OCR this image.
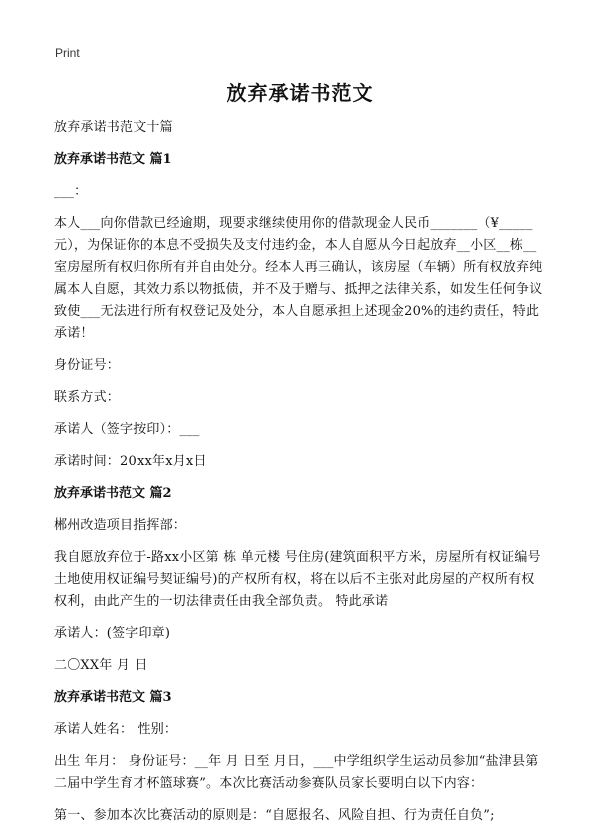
Print
放弃承诺书范文

放弃承诺书范文十篇

放弃承诺书范文 篇1

___：

本人___向你借款已经逾期，现要求继续使用你的借款现金人民币_______（¥_____元），为保证你的本息不受损失及支付违约金，本人自愿从今日起放弃__小区__栋__室房屋所有权归你所有并自由处分。经本人再三确认，该房屋（车辆）所有权放弃纯属本人自愿，其效力系以物抵债，并不及于赠与、抵押之法律关系，如发生任何争议致使___无法进行所有权登记及处分，本人自愿承担上述现金20%的违约责任，特此承诺！

身份证号：

联系方式：

承诺人（签字按印）：___

承诺时间：20xx年x月x日

放弃承诺书范文 篇2

郴州改造项目指挥部：

我自愿放弃位于-路xx小区第 栋 单元楼 号住房(建筑面积平方米，房屋所有权证编号 土地使用权证编号契证编号)的产权所有权，将在以后不主张对此房屋的产权所有权权利，由此产生的一切法律责任由我全部负责。 特此承诺

承诺人：(签字印章)

二〇XX年 月 日

放弃承诺书范文 篇3

承诺人姓名： 性别：

出生 年月： 身份证号：__年 月 日至 月日，___中学组织学生运动员参加“盐津县第二届中学生育才杯篮球赛”。本次比赛活动参赛队员家长要明白以下内容：

第一、参加本次比赛活动的原则是：“自愿报名、风险自担、行为责任自负”;
